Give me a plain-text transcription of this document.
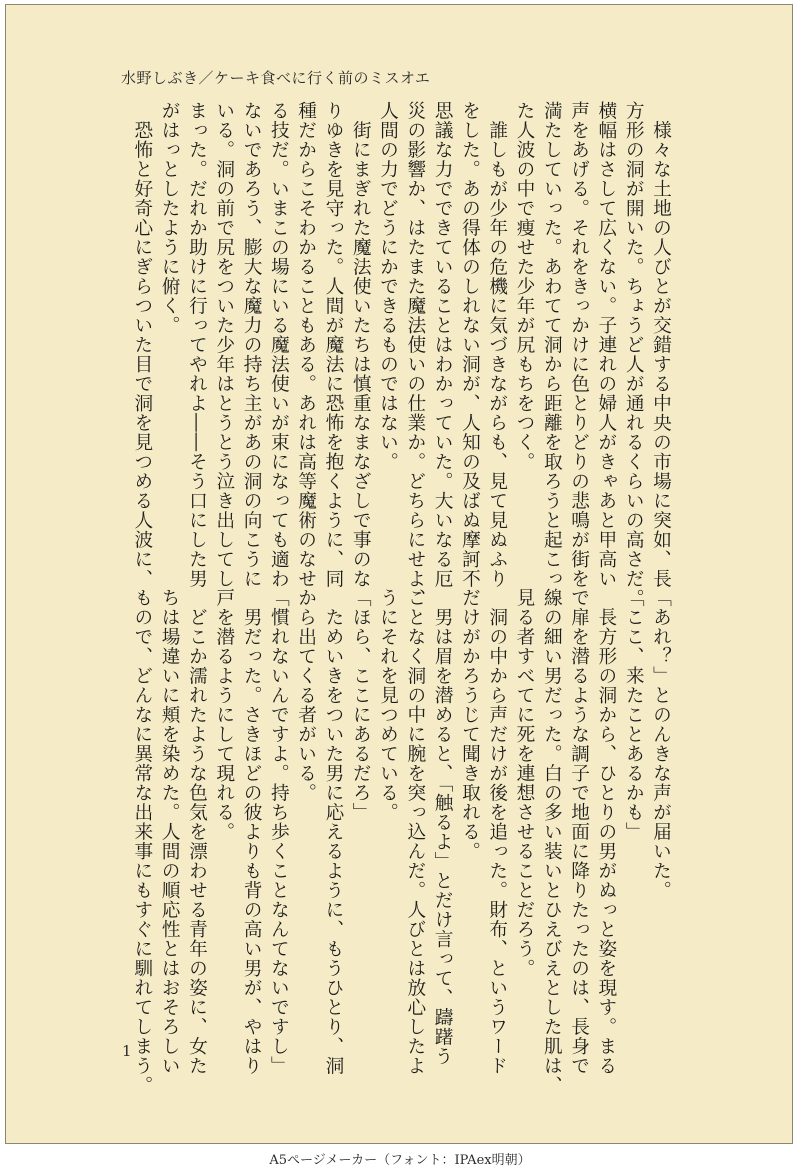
水野しぶき／ケーキ食べに行く前のミスオエ
　様々な土地の人びとが交錯する中央の市場に突如、長
方形の洞が開いた。ちょうど人が通れるくらいの高さだ。
横幅はさして広くない。子連れの婦人がきゃあと甲高い
声をあげる。それをきっかけに色とりどりの悲鳴が街を
満たしていった。あわてて洞から距離を取ろうと起こっ
た人波の中で痩せた少年が尻もちをつく。
　誰しもが少年の危機に気づきながらも、見て見ぬふり
をした。あの得体のしれない洞が、人知の及ばぬ摩訶不
思議な力でできていることはわかっていた。大いなる厄
災の影響か、はたまた魔法使いの仕業か。どちらにせよ、
人間の力でどうにかできるものではない。
　街にまぎれた魔法使いたちは慎重なまなざしで事のな
りゆきを見守った。人間が魔法に恐怖を抱くように、同
種だからこそわかることもある。あれは高等魔術のなせ
る技だ。いまこの場にいる魔法使いが束になっても適わ
ないであろう、膨大な魔力の持ち主があの洞の向こうに
いる。洞の前で尻をついた少年はとうとう泣き出してし
まった。だれか助けに行ってやれよ――そう口にした男
がはっとしたように俯く。
　恐怖と好奇心にぎらついた目で洞を見つめる人波に、
「あれ？」とのんきな声が届いた。
「ここ、来たことあるかも」
　長方形の洞から、ひとりの男がぬっと姿を現す。まる
で扉を潜るような調子で地面に降りたったのは、長身で
線の細い男だった。白の多い装いとひえびえとした肌は、
見る者すべてに死を連想させることだろう。
　洞の中から声だけが後を追った。財布、というワード
だけがかろうじて聞き取れる。
　男は眉を潜めると、「触るよ」とだけ言って、躊躇う
ことなく洞の中に腕を突っ込んだ。人びとは放心したよ
うにそれを見つめている。
「ほら、ここにあるだろ」
　ためいきをついた男に応えるように、もうひとり、洞
から出てくる者がいる。
「慣れないんですよ。持ち歩くことなんてないですし」
　男だった。さきほどの彼よりも背の高い男が、やはり
戸を潜るようにして現れる。
　どこか濡れたような色気を漂わせる青年の姿に、女た
ちは場違いに頬を染めた。人間の順応性とはおそろしい
もので、どんなに異常な出来事にもすぐに馴れてしまう。
1
A5ページメーカー（フォント：IPAex明朝）
